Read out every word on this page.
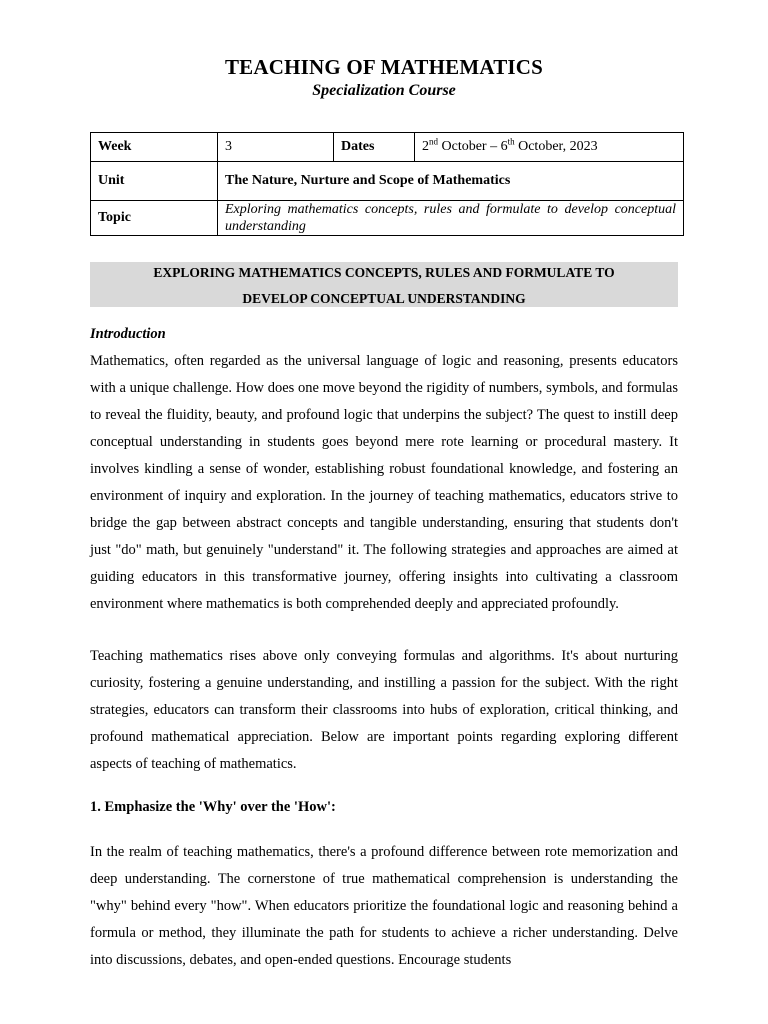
TEACHING OF MATHEMATICS
Specialization Course
Week	3	Dates	2nd October – 6th October, 2023
Unit	The Nature, Nurture and Scope of Mathematics		
Topic	Exploring mathematics concepts, rules and formulate to develop conceptual understanding		
EXPLORING MATHEMATICS CONCEPTS, RULES AND FORMULATE TO
DEVELOP CONCEPTUAL UNDERSTANDING
Introduction
Mathematics, often regarded as the universal language of logic and reasoning, presents educators with a unique challenge. How does one move beyond the rigidity of numbers, symbols, and formulas to reveal the fluidity, beauty, and profound logic that underpins the subject? The quest to instill deep conceptual understanding in students goes beyond mere rote learning or procedural mastery. It involves kindling a sense of wonder, establishing robust foundational knowledge, and fostering an environment of inquiry and exploration. In the journey of teaching mathematics, educators strive to bridge the gap between abstract concepts and tangible understanding, ensuring that students don't just "do" math, but genuinely "understand" it. The following strategies and approaches are aimed at guiding educators in this transformative journey, offering insights into cultivating a classroom environment where mathematics is both comprehended deeply and appreciated profoundly.
Teaching mathematics rises above only conveying formulas and algorithms. It's about nurturing curiosity, fostering a genuine understanding, and instilling a passion for the subject. With the right strategies, educators can transform their classrooms into hubs of exploration, critical thinking, and profound mathematical appreciation. Below are important points regarding exploring different aspects of teaching of mathematics.
1. Emphasize the 'Why' over the 'How':
In the realm of teaching mathematics, there's a profound difference between rote memorization and deep understanding. The cornerstone of true mathematical comprehension is understanding the "why" behind every "how". When educators prioritize the foundational logic and reasoning behind a formula or method, they illuminate the path for students to achieve a richer understanding. Delve into discussions, debates, and open-ended questions. Encourage students
